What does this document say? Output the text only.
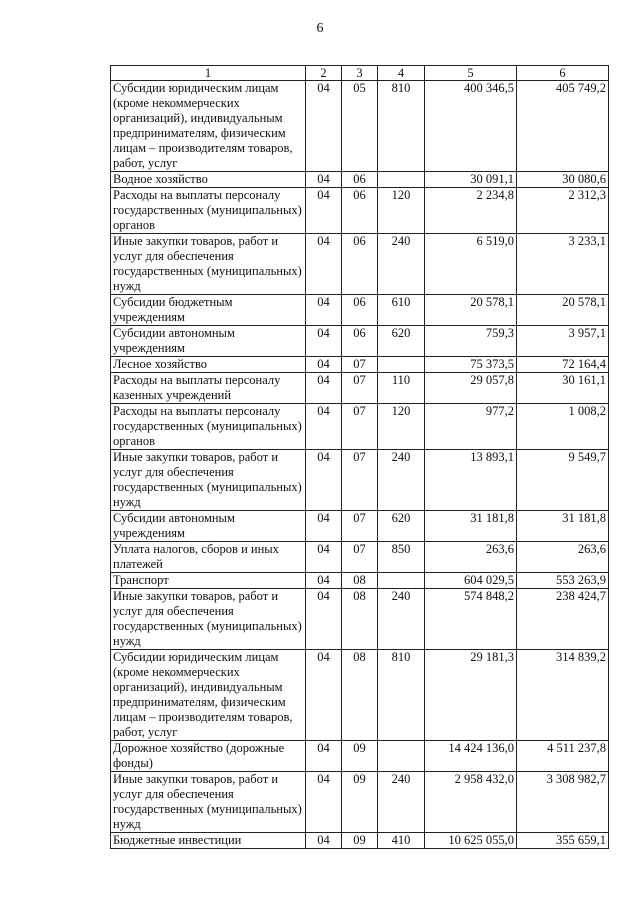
6
1	2	3	4	5	6
Субсидии юридическим лицам (кроме некоммерческих организаций), индивидуальным предпринимателям, физическим лицам – производителям товаров, работ, услуг	04	05	810	400 346,5	405 749,2
Водное хозяйство	04	06		30 091,1	30 080,6
Расходы на выплаты персоналу государственных (муниципальных) органов	04	06	120	2 234,8	2 312,3
Иные закупки товаров, работ и услуг для обеспечения государственных (муниципальных) нужд	04	06	240	6 519,0	3 233,1
Субсидии бюджетным учреждениям	04	06	610	20 578,1	20 578,1
Субсидии автономным учреждениям	04	06	620	759,3	3 957,1
Лесное хозяйство	04	07		75 373,5	72 164,4
Расходы на выплаты персоналу казенных учреждений	04	07	110	29 057,8	30 161,1
Расходы на выплаты персоналу государственных (муниципальных) органов	04	07	120	977,2	1 008,2
Иные закупки товаров, работ и услуг для обеспечения государственных (муниципальных) нужд	04	07	240	13 893,1	9 549,7
Субсидии автономным учреждениям	04	07	620	31 181,8	31 181,8
Уплата налогов, сборов и иных платежей	04	07	850	263,6	263,6
Транспорт	04	08		604 029,5	553 263,9
Иные закупки товаров, работ и услуг для обеспечения государственных (муниципальных) нужд	04	08	240	574 848,2	238 424,7
Субсидии юридическим лицам (кроме некоммерческих организаций), индивидуальным предпринимателям, физическим лицам – производителям товаров, работ, услуг	04	08	810	29 181,3	314 839,2
Дорожное хозяйство (дорожные фонды)	04	09		14 424 136,0	4 511 237,8
Иные закупки товаров, работ и услуг для обеспечения государственных (муниципальных) нужд	04	09	240	2 958 432,0	3 308 982,7
Бюджетные инвестиции	04	09	410	10 625 055,0	355 659,1
